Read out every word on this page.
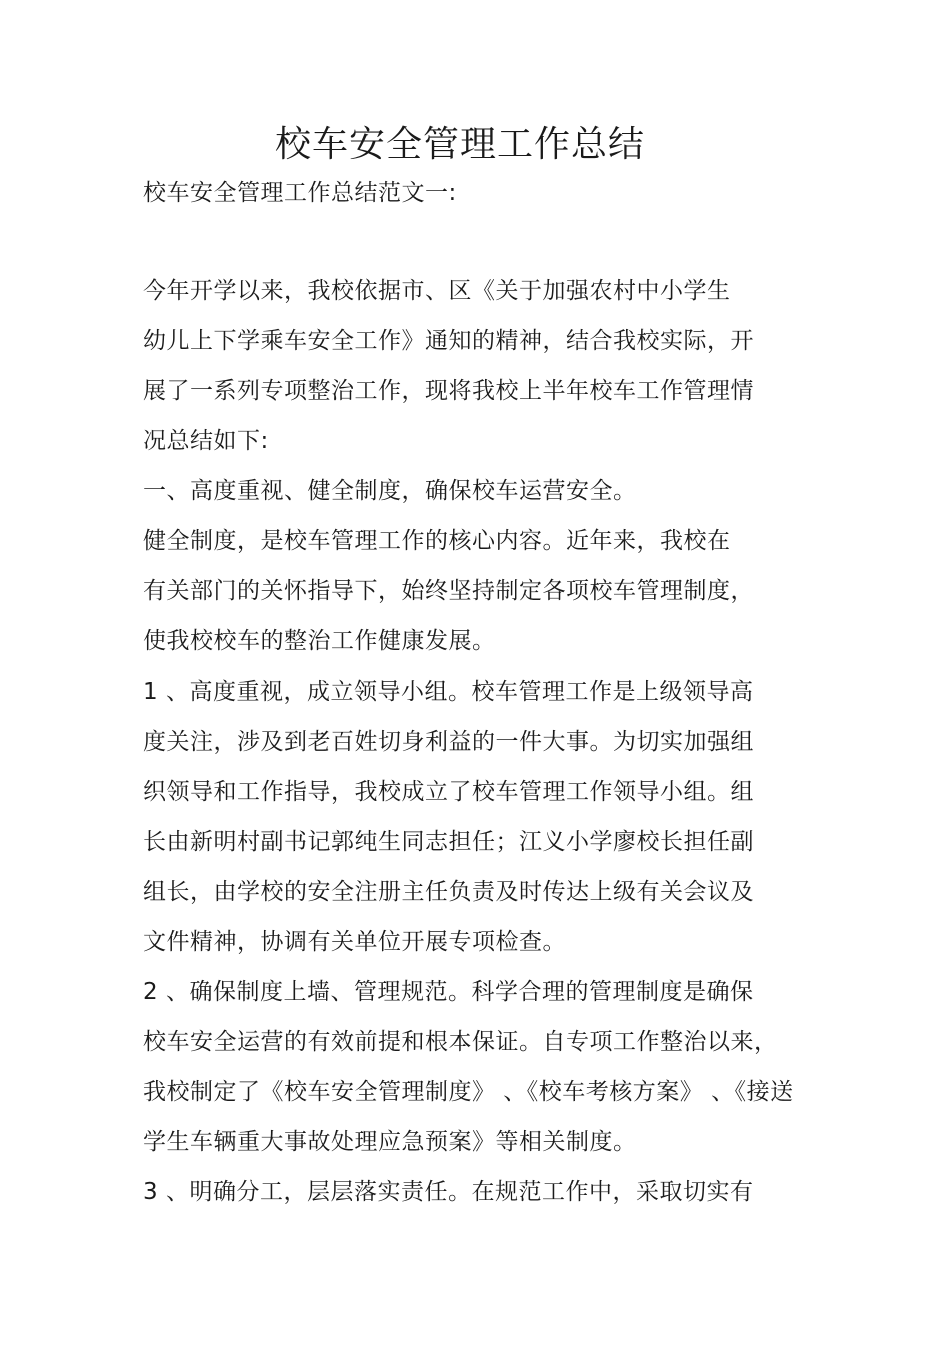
校车安全管理工作总结
校车安全管理工作总结范文一:
今年开学以来，我校依据市、区《关于加强农村中小学生
幼儿上下学乘车安全工作》通知的精神，结合我校实际，开
展了一系列专项整治工作，现将我校上半年校车工作管理情
况总结如下:
一、高度重视、健全制度，确保校车运营安全。
健全制度，是校车管理工作的核心内容。近年来，我校在
有关部门的关怀指导下，始终坚持制定各项校车管理制度，
使我校校车的整治工作健康发展。
1 、高度重视，成立领导小组。校车管理工作是上级领导高
度关注，涉及到老百姓切身利益的一件大事。为切实加强组
织领导和工作指导，我校成立了校车管理工作领导小组。组
长由新明村副书记郭纯生同志担任；江义小学廖校长担任副
组长，由学校的安全注册主任负责及时传达上级有关会议及
文件精神，协调有关单位开展专项检查。
2 、确保制度上墙、管理规范。科学合理的管理制度是确保
校车安全运营的有效前提和根本保证。自专项工作整治以来，
我校制定了《校车安全管理制度》 、《校车考核方案》 、《接送
学生车辆重大事故处理应急预案》等相关制度。
3 、明确分工，层层落实责任。在规范工作中，采取切实有
